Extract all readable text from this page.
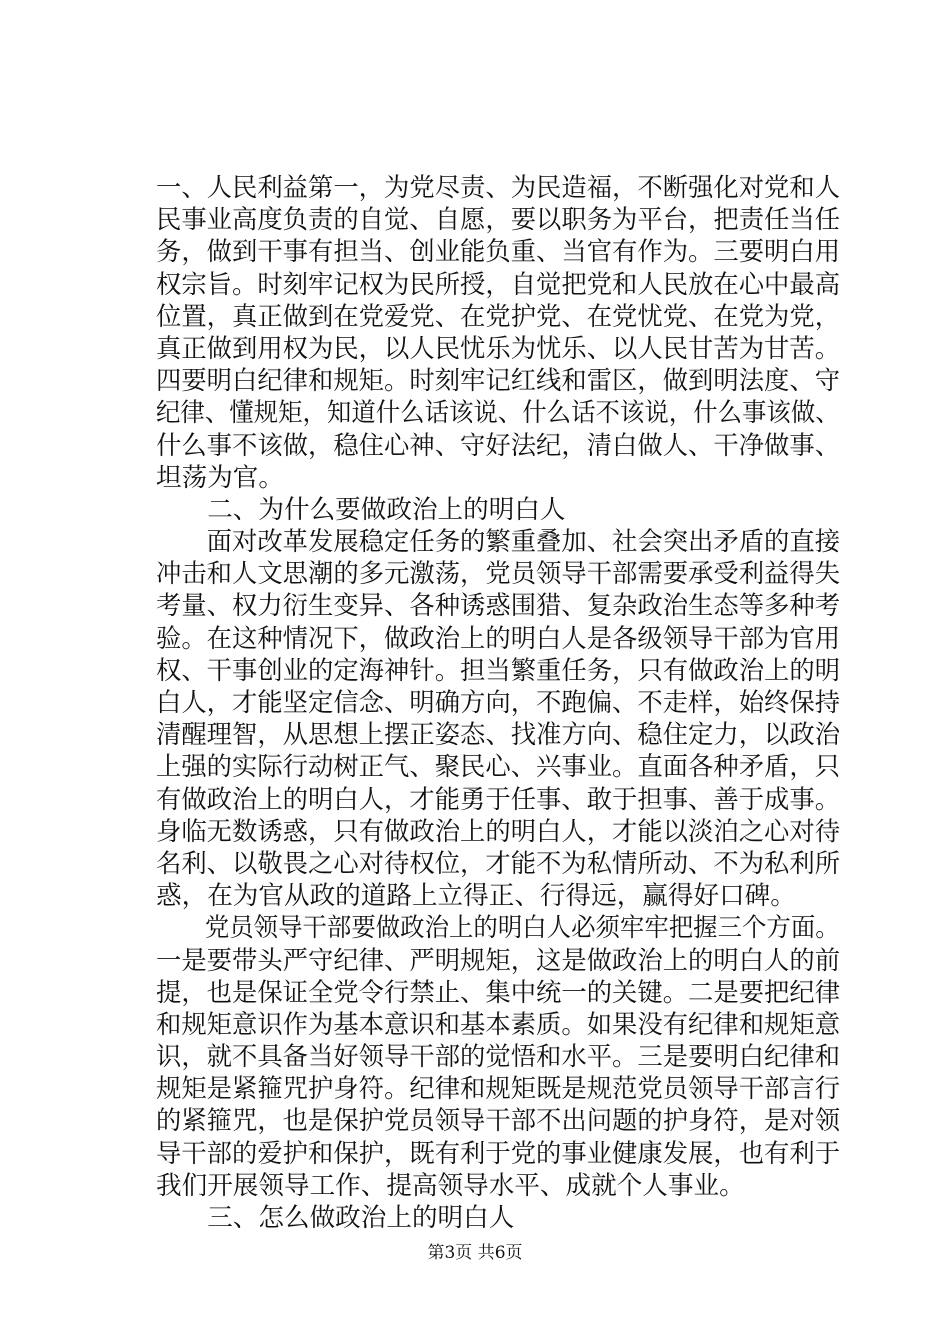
一、人民利益第一，为党尽责、为民造福，不断强化对党和人
民事业高度负责的自觉、自愿，要以职务为平台，把责任当任
务，做到干事有担当、创业能负重、当官有作为。三要明白用
权宗旨。时刻牢记权为民所授，自觉把党和人民放在心中最高
位置，真正做到在党爱党、在党护党、在党忧党、在党为党，
真正做到用权为民，以人民忧乐为忧乐、以人民甘苦为甘苦。
四要明白纪律和规矩。时刻牢记红线和雷区，做到明法度、守
纪律、懂规矩，知道什么话该说、什么话不该说，什么事该做、
什么事不该做，稳住心神、守好法纪，清白做人、干净做事、
坦荡为官。
　　二、为什么要做政治上的明白人
　　面对改革发展稳定任务的繁重叠加、社会突出矛盾的直接
冲击和人文思潮的多元激荡，党员领导干部需要承受利益得失
考量、权力衍生变异、各种诱惑围猎、复杂政治生态等多种考
验。在这种情况下，做政治上的明白人是各级领导干部为官用
权、干事创业的定海神针。担当繁重任务，只有做政治上的明
白人，才能坚定信念、明确方向，不跑偏、不走样，始终保持
清醒理智，从思想上摆正姿态、找准方向、稳住定力，以政治
上强的实际行动树正气、聚民心、兴事业。直面各种矛盾，只
有做政治上的明白人，才能勇于任事、敢于担事、善于成事。
身临无数诱惑，只有做政治上的明白人，才能以淡泊之心对待
名利、以敬畏之心对待权位，才能不为私情所动、不为私利所
惑，在为官从政的道路上立得正、行得远，赢得好口碑。
　　党员领导干部要做政治上的明白人必须牢牢把握三个方面。
一是要带头严守纪律、严明规矩，这是做政治上的明白人的前
提，也是保证全党令行禁止、集中统一的关键。二是要把纪律
和规矩意识作为基本意识和基本素质。如果没有纪律和规矩意
识，就不具备当好领导干部的觉悟和水平。三是要明白纪律和
规矩是紧箍咒护身符。纪律和规矩既是规范党员领导干部言行
的紧箍咒，也是保护党员领导干部不出问题的护身符，是对领
导干部的爱护和保护，既有利于党的事业健康发展，也有利于
我们开展领导工作、提高领导水平、成就个人事业。
　　三、怎么做政治上的明白人
第3页 共6页
